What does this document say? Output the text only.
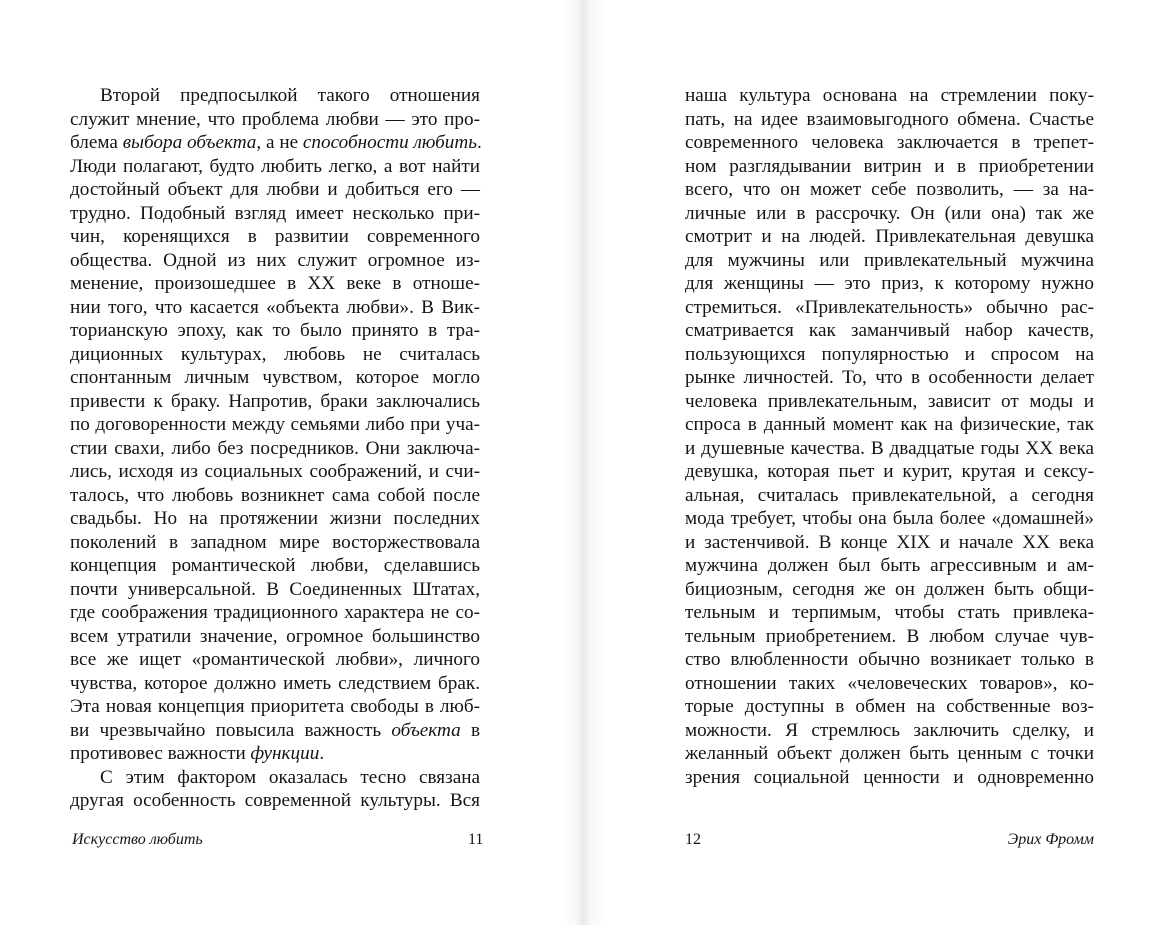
Второй предпосылкой такого отношения
служит мнение, что проблема любви — это про-
блема выбора объекта, а не способности любить.
Люди полагают, будто любить легко, а вот найти
достойный объект для любви и добиться его —
трудно. Подобный взгляд имеет несколько при-
чин, коренящихся в развитии современного
общества. Одной из них служит огромное из-
менение, произошедшее в XX веке в отноше-
нии того, что касается «объекта любви». В Вик-
торианскую эпоху, как то было принято в тра-
диционных культурах, любовь не считалась
спонтанным личным чувством, которое могло
привести к браку. Напротив, браки заключались
по договоренности между семьями либо при уча-
стии свахи, либо без посредников. Они заключа-
лись, исходя из социальных соображений, и счи-
талось, что любовь возникнет сама собой после
свадьбы. Но на протяжении жизни последних
поколений в западном мире восторжествовала
концепция романтической любви, сделавшись
почти универсальной. В Соединенных Штатах,
где соображения традиционного характера не со-
всем утратили значение, огромное большинство
все же ищет «романтической любви», личного
чувства, которое должно иметь следствием брак.
Эта новая концепция приоритета свободы в люб-
ви чрезвычайно повысила важность объекта в
противовес важности функции.
С этим фактором оказалась тесно связана
другая особенность современной культуры. Вся
Искусство любить	11
наша культура основана на стремлении поку-
пать, на идее взаимовыгодного обмена. Счастье
современного человека заключается в трепет-
ном разглядывании витрин и в приобретении
всего, что он может себе позволить, — за на-
личные или в рассрочку. Он (или она) так же
смотрит и на людей. Привлекательная девушка
для мужчины или привлекательный мужчина
для женщины — это приз, к которому нужно
стремиться. «Привлекательность» обычно рас-
сматривается как заманчивый набор качеств,
пользующихся популярностью и спросом на
рынке личностей. То, что в особенности делает
человека привлекательным, зависит от моды и
спроса в данный момент как на физические, так
и душевные качества. В двадцатые годы XX века
девушка, которая пьет и курит, крутая и сексу-
альная, считалась привлекательной, а сегодня
мода требует, чтобы она была более «домашней»
и застенчивой. В конце XIX и начале XX века
мужчина должен был быть агрессивным и ам-
бициозным, сегодня же он должен быть общи-
тельным и терпимым, чтобы стать привлека-
тельным приобретением. В любом случае чув-
ство влюбленности обычно возникает только в
отношении таких «человеческих товаров», ко-
торые доступны в обмен на собственные воз-
можности. Я стремлюсь заключить сделку, и
желанный объект должен быть ценным с точки
зрения социальной ценности и одновременно
12	Эрих Фромм
